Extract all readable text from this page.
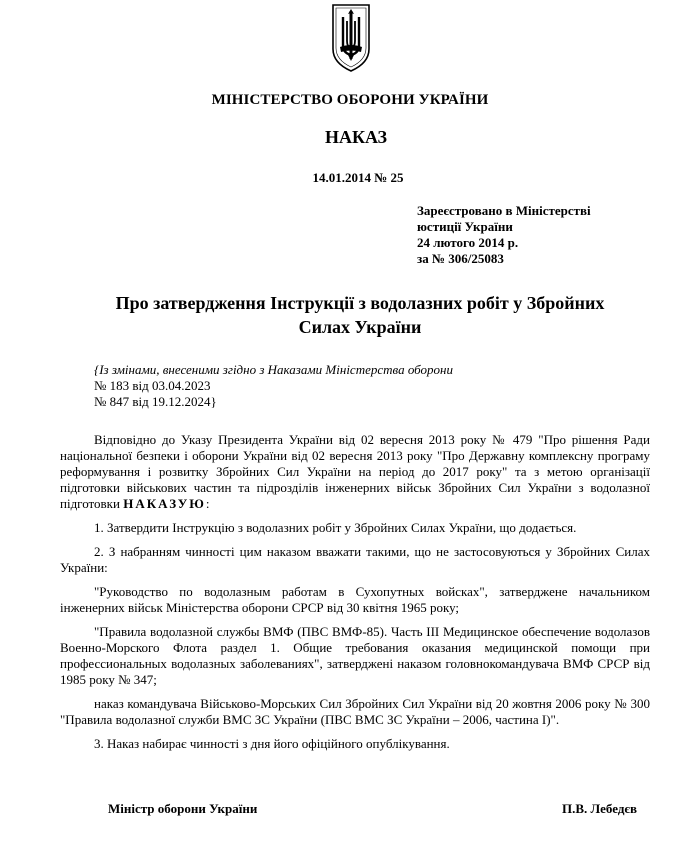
МІНІСТЕРСТВО ОБОРОНИ УКРАЇНИ
НАКАЗ
14.01.2014 № 25
Зареєстровано в Міністерстві
юстиції України
24 лютого 2014 р.
за № 306/25083
Про затвердження Інструкції з водолазних робіт у Збройних
Силах України
{Із змінами, внесеними згідно з Наказами Міністерства оборони
№ 183 від 03.04.2023
№ 847 від 19.12.2024}

Відповідно до Указу Президента України від 02 вересня 2013 року № 479 "Про рішення Ради національної безпеки і оборони України від 02 вересня 2013 року "Про Державну комплексну програму реформування і розвитку Збройних Сил України на період до 2017 року" та з метою організації підготовки військових частин та підрозділів інженерних військ Збройних Сил України з водолазної підготовки НАКАЗУЮ:

1. Затвердити Інструкцію з водолазних робіт у Збройних Силах України, що додається.

2. З набранням чинності цим наказом вважати такими, що не застосовуються у Збройних Силах України:

"Руководство по водолазным работам в Сухопутных войсках", затверджене начальником інженерних військ Міністерства оборони СРСР від 30 квітня 1965 року;

"Правила водолазной службы ВМФ (ПВС ВМФ-85). Часть III Медицинское обеспечение водолазов Военно-Морского Флота раздел 1. Общие требования оказания медицинской помощи при профессиональных водолазных заболеваниях", затверджені наказом головнокомандувача ВМФ СРСР від 1985 року № 347;

наказ командувача Військово-Морських Сил Збройних Сил України від 20 жовтня 2006 року № 300 "Правила водолазної служби ВМС ЗС України (ПВС ВМС ЗС України – 2006, частина І)".

3. Наказ набирає чинності з дня його офіційного опублікування.

Міністр оборони України	П.В. Лебедєв
